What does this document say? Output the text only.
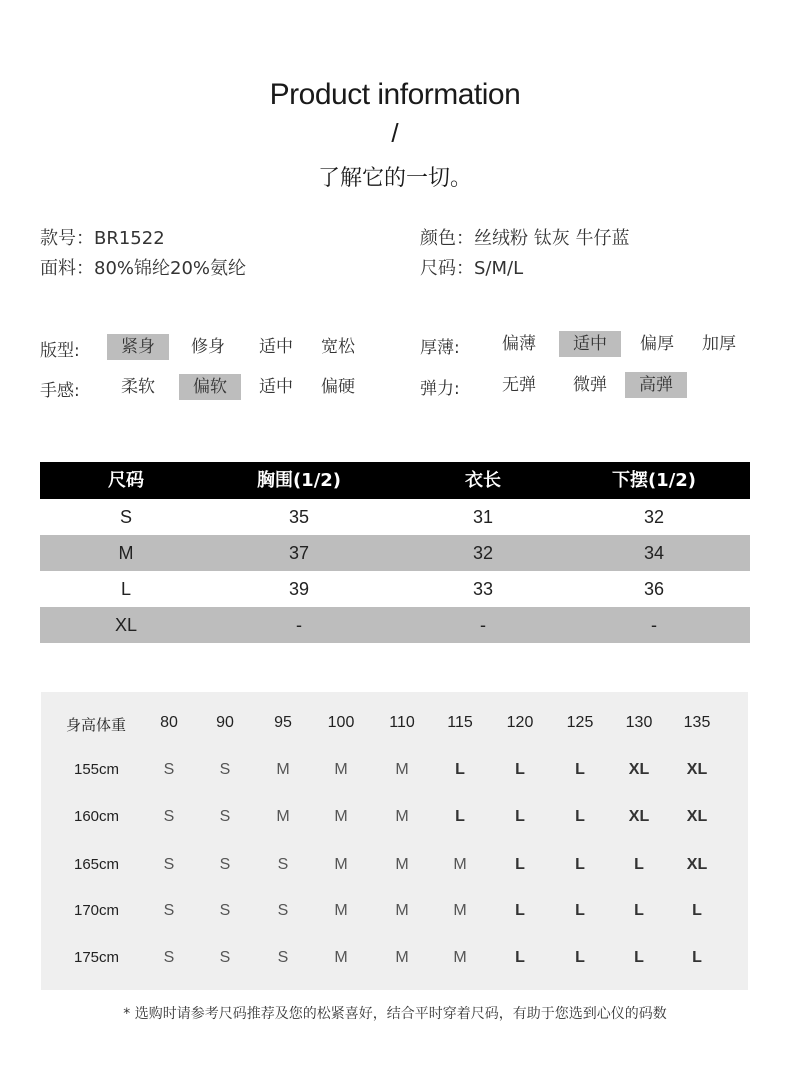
Product information
/
了解它的一切。
款号：BR1522
面料：80%锦纶20%氨纶
颜色：丝绒粉 钛灰 牛仔蓝
尺码：S/M/L
版型:	紧身	修身	适中	宽松
手感:	柔软	偏软	适中	偏硬
厚薄:	偏薄	适中	偏厚	加厚
弹力:	无弹	微弹	高弹
尺码	胸围(1/2)	衣长	下摆(1/2)
S	35	31	32
M	37	32	34
L	39	33	36
XL	-	-	-
身高体重	80	90	95	100	110	115	120	125	130	135
155cm	S	S	M	M	M	L	L	L	XL	XL
160cm	S	S	M	M	M	L	L	L	XL	XL
165cm	S	S	S	M	M	M	L	L	L	XL
170cm	S	S	S	M	M	M	L	L	L	L
175cm	S	S	S	M	M	M	L	L	L	L
* 选购时请参考尺码推荐及您的松紧喜好，结合平时穿着尺码，有助于您选到心仪的码数
